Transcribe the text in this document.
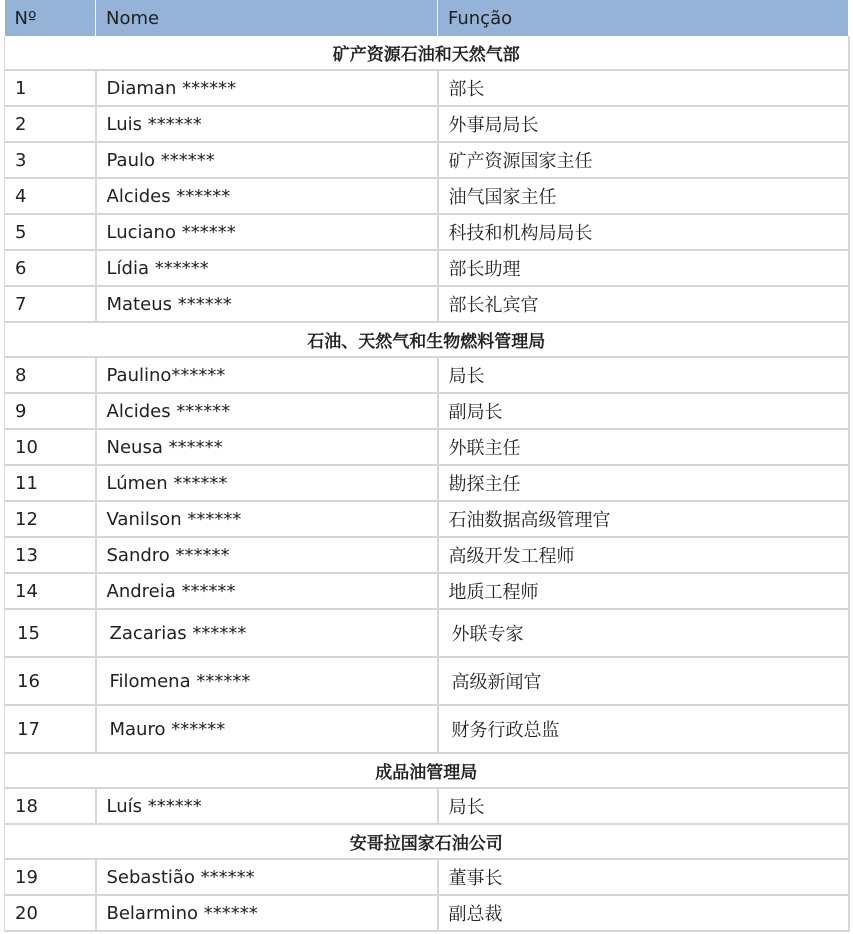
Nº	Nome	Função
矿产资源石油和天然气部		
1	Diaman ******	部长
2	Luis ******	外事局局长
3	Paulo ******	矿产资源国家主任
4	Alcides ******	油气国家主任
5	Luciano ******	科技和机构局局长
6	Lídia ******	部长助理
7	Mateus ******	部长礼宾官
石油、天然气和生物燃料管理局		
8	Paulino******	局长
9	Alcides ******	副局长
10	Neusa ******	外联主任
11	Lúmen ******	勘探主任
12	Vanilson ******	石油数据高级管理官
13	Sandro ******	高级开发工程师
14	Andreia ******	地质工程师
15	Zacarias ******	外联专家
16	Filomena ******	高级新闻官
17	Mauro ******	财务行政总监
成品油管理局		
18	Luís ******	局长
安哥拉国家石油公司		
19	Sebastião ******	董事长
20	Belarmino ******	副总裁
